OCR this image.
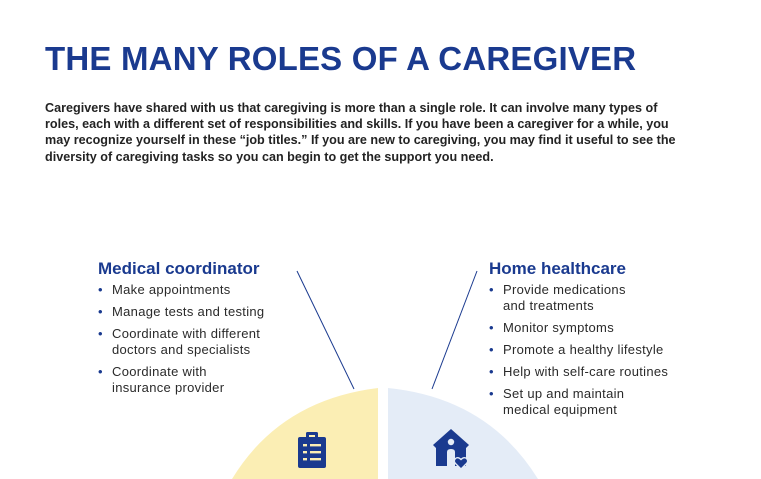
THE MANY ROLES OF A CAREGIVER

Caregivers have shared with us that caregiving is more than a single role. It can involve many types of roles, each with a different set of responsibilities and skills. If you have been a caregiver for a while, you may recognize yourself in these “job titles.” If you are new to caregiving, you may find it useful to see the diversity of caregiving tasks so you can begin to get the support you need.

Medical coordinator
• Make appointments
• Manage tests and testing
• Coordinate with different
doctors and specialists
• Coordinate with
insurance provider
Home healthcare
• Provide medications
and treatments
• Monitor symptoms
• Promote a healthy lifestyle
• Help with self-care routines
• Set up and maintain
medical equipment
